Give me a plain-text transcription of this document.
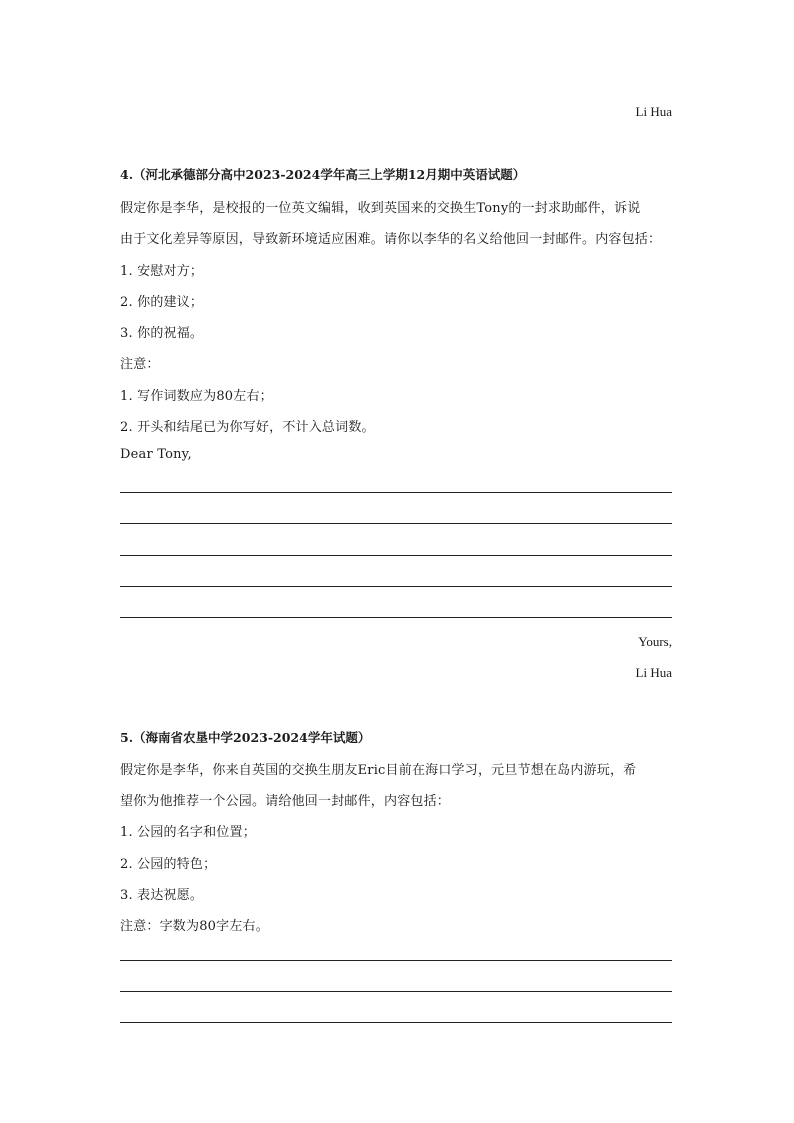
Li Hua
4.（河北承德部分高中2023-2024学年高三上学期12月期中英语试题）
假定你是李华，是校报的一位英文编辑，收到英国来的交换生Tony的一封求助邮件，诉说
由于文化差异等原因，导致新环境适应困难。请你以李华的名义给他回一封邮件。内容包括：
1. 安慰对方；
2. 你的建议；
3. 你的祝福。
注意：
1. 写作词数应为80左右；
2. 开头和结尾已为你写好，不计入总词数。
Dear Tony,
Yours,
Li Hua
5.（海南省农垦中学2023-2024学年试题）
假定你是李华，你来自英国的交换生朋友Eric目前在海口学习，元旦节想在岛内游玩，希
望你为他推荐一个公园。请给他回一封邮件，内容包括：
1. 公园的名字和位置；
2. 公园的特色；
3. 表达祝愿。
注意：字数为80字左右。
